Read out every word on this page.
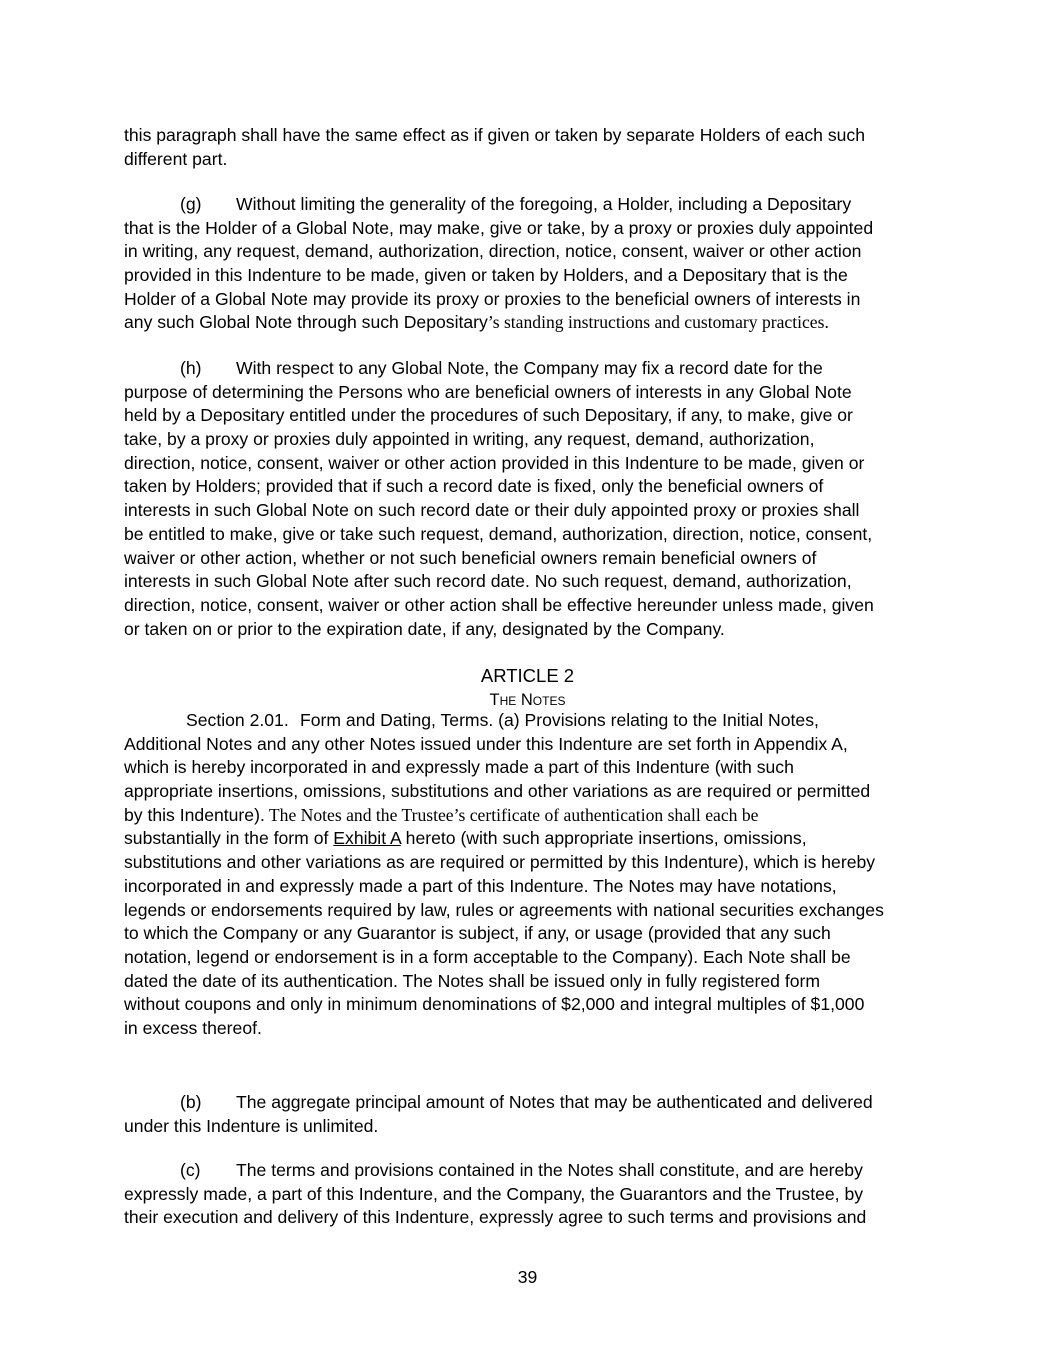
this paragraph shall have the same effect as if given or taken by separate Holders of each such
different part.
(g) Without limiting the generality of the foregoing, a Holder, including a Depositary
that is the Holder of a Global Note, may make, give or take, by a proxy or proxies duly appointed
in writing, any request, demand, authorization, direction, notice, consent, waiver or other action
provided in this Indenture to be made, given or taken by Holders, and a Depositary that is the
Holder of a Global Note may provide its proxy or proxies to the beneficial owners of interests in
any such Global Note through such Depositary’s standing instructions and customary practices.
(h) With respect to any Global Note, the Company may fix a record date for the
purpose of determining the Persons who are beneficial owners of interests in any Global Note
held by a Depositary entitled under the procedures of such Depositary, if any, to make, give or
take, by a proxy or proxies duly appointed in writing, any request, demand, authorization,
direction, notice, consent, waiver or other action provided in this Indenture to be made, given or
taken by Holders; provided that if such a record date is fixed, only the beneficial owners of
interests in such Global Note on such record date or their duly appointed proxy or proxies shall
be entitled to make, give or take such request, demand, authorization, direction, notice, consent,
waiver or other action, whether or not such beneficial owners remain beneficial owners of
interests in such Global Note after such record date. No such request, demand, authorization,
direction, notice, consent, waiver or other action shall be effective hereunder unless made, given
or taken on or prior to the expiration date, if any, designated by the Company.
ARTICLE 2
The Notes
Section 2.01. Form and Dating, Terms. (a) Provisions relating to the Initial Notes,
Additional Notes and any other Notes issued under this Indenture are set forth in Appendix A,
which is hereby incorporated in and expressly made a part of this Indenture (with such
appropriate insertions, omissions, substitutions and other variations as are required or permitted
by this Indenture). The Notes and the Trustee’s certificate of authentication shall each be
substantially in the form of Exhibit A hereto (with such appropriate insertions, omissions,
substitutions and other variations as are required or permitted by this Indenture), which is hereby
incorporated in and expressly made a part of this Indenture. The Notes may have notations,
legends or endorsements required by law, rules or agreements with national securities exchanges
to which the Company or any Guarantor is subject, if any, or usage (provided that any such
notation, legend or endorsement is in a form acceptable to the Company). Each Note shall be
dated the date of its authentication. The Notes shall be issued only in fully registered form
without coupons and only in minimum denominations of $2,000 and integral multiples of $1,000
in excess thereof.
(b) The aggregate principal amount of Notes that may be authenticated and delivered
under this Indenture is unlimited.
(c) The terms and provisions contained in the Notes shall constitute, and are hereby
expressly made, a part of this Indenture, and the Company, the Guarantors and the Trustee, by
their execution and delivery of this Indenture, expressly agree to such terms and provisions and
39
